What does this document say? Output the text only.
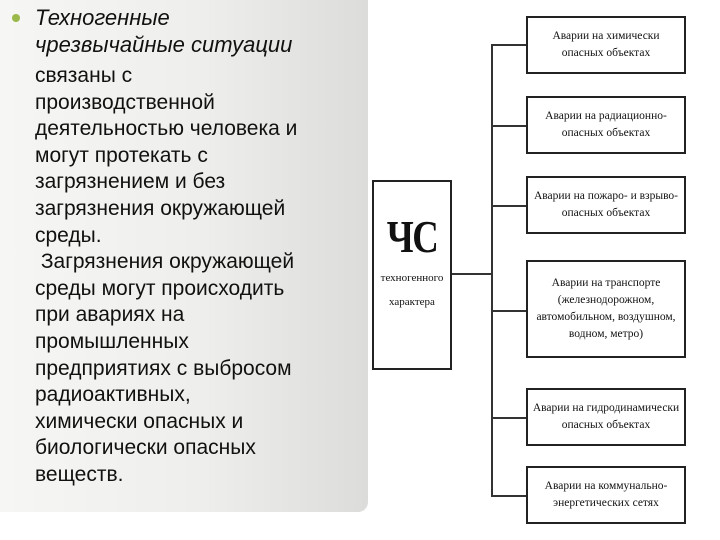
Техногенные
чрезвычайные ситуации
связаны с
производственной
деятельностью человека и
могут протекать с
загрязнением и без
загрязнения окружающей
среды.
Загрязнения окружающей
среды могут происходить
при авариях на
промышленных
предприятиях с выбросом
радиоактивных,
химически опасных и
биологически опасных
веществ.
ЧС
техногенного
характера
Аварии на химически
опасных объектах
Аварии на радиационно-
опасных объектах
Аварии на пожаро- и взрыво-
опасных объектах
Аварии на транспорте
(железнодорожном,
автомобильном, воздушном,
водном, метро)
Аварии на гидродинамически
опасных объектах
Аварии на коммунально-
энергетических сетях
